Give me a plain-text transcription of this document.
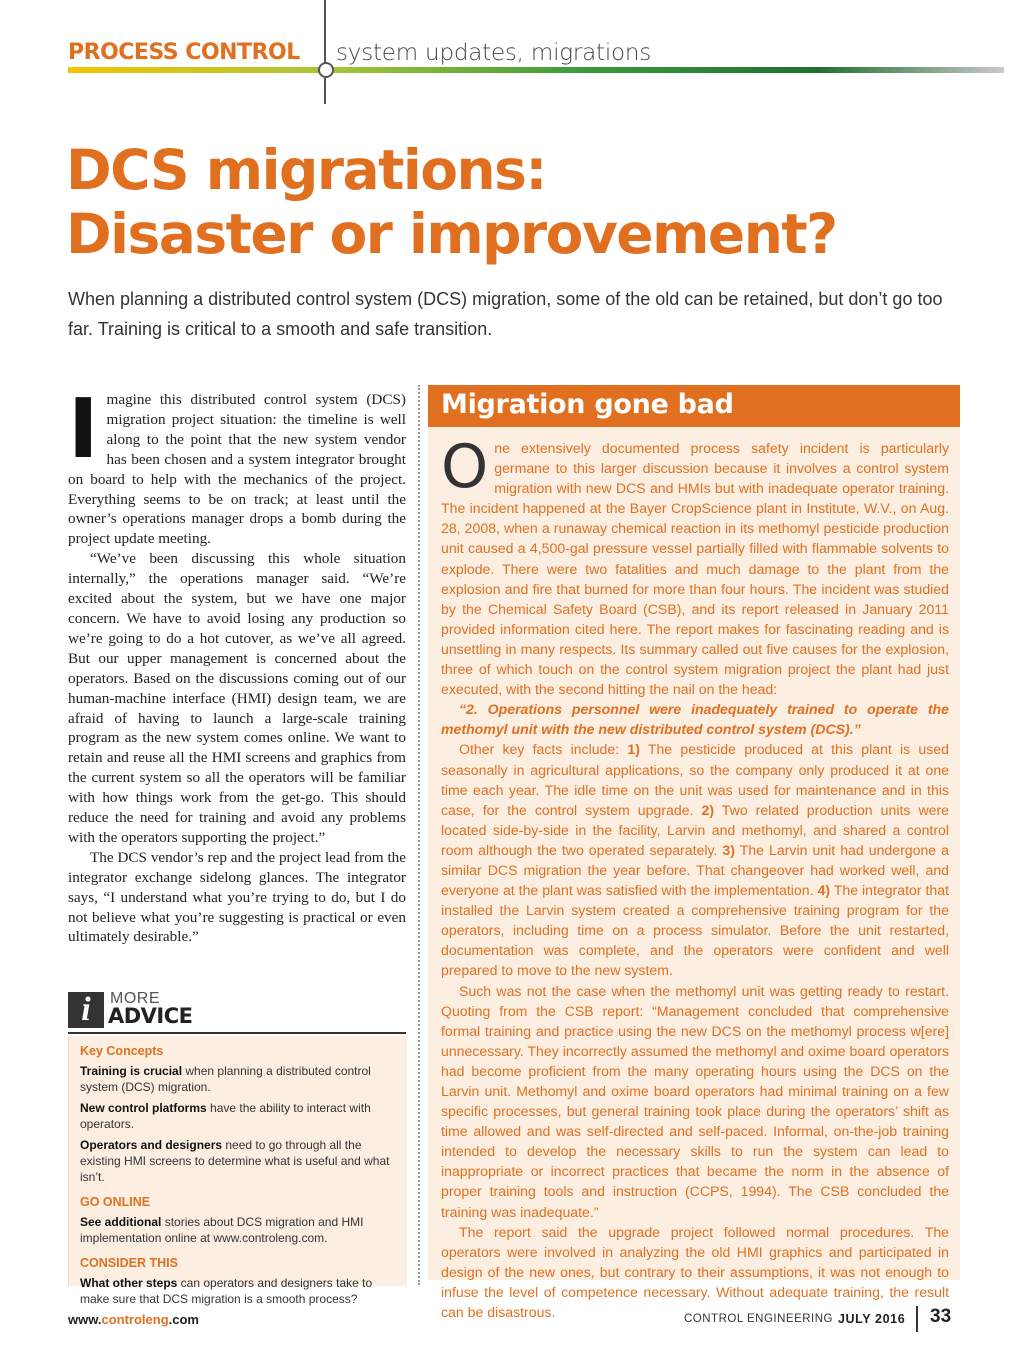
PROCESS CONTROL system updates, migrations
DCS migrations:
Disaster or improvement?
When planning a distributed control system (DCS) migration, some of the old can be retained, but don’t go too far. Training is critical to a smooth and safe transition.

Imagine this distributed control system (DCS) migration project situation: the timeline is well along to the point that the new system vendor has been chosen and a system integrator brought on board to help with the mechanics of the project. Everything seems to be on track; at least until the owner’s operations manager drops a bomb during the project update meeting.

“We’ve been discussing this whole situation internally,” the operations manager said. “We’re excited about the system, but we have one major concern. We have to avoid losing any production so we’re going to do a hot cutover, as we’ve all agreed. But our upper management is concerned about the operators. Based on the discussions coming out of our human-machine interface (HMI) design team, we are afraid of having to launch a large-scale training program as the new system comes online. We want to retain and reuse all the HMI screens and graphics from the current system so all the operators will be familiar with how things work from the get-go. This should reduce the need for training and avoid any problems with the operators supporting the project.”

The DCS vendor’s rep and the project lead from the integrator exchange sidelong glances. The integrator says, “I understand what you’re trying to do, but I do not believe what you’re suggesting is practical or even ultimately desirable.”

i	MORE
ADVICE
Key Concepts
Training is crucial when planning a distributed control system (DCS) migration.
New control platforms have the ability to interact with operators.
Operators and designers need to go through all the existing HMI screens to determine what is useful and what isn’t.
GO ONLINE
See additional stories about DCS migration and HMI implementation online at www.controleng.com.
CONSIDER THIS
What other steps can operators and designers take to make sure that DCS migration is a smooth process?
Migration gone bad

One extensively documented process safety incident is particularly germane to this larger discussion because it involves a control system migration with new DCS and HMIs but with inadequate operator training. The incident happened at the Bayer CropScience plant in Institute, W.V., on Aug. 28, 2008, when a runaway chemical reaction in its methomyl pesticide production unit caused a 4,500-gal pressure vessel partially filled with flammable solvents to explode. There were two fatalities and much damage to the plant from the explosion and fire that burned for more than four hours. The incident was studied by the Chemical Safety Board (CSB), and its report released in January 2011 provided information cited here. The report makes for fascinating reading and is unsettling in many respects. Its summary called out five causes for the explosion, three of which touch on the control system migration project the plant had just executed, with the second hitting the nail on the head:

“2. Operations personnel were inadequately trained to operate the methomyl unit with the new distributed control system (DCS).”

Other key facts include: 1) The pesticide produced at this plant is used seasonally in agricultural applications, so the company only produced it at one time each year. The idle time on the unit was used for maintenance and in this case, for the control system upgrade. 2) Two related production units were located side-by-side in the facility, Larvin and methomyl, and shared a control room although the two operated separately. 3) The Larvin unit had undergone a similar DCS migration the year before. That changeover had worked well, and everyone at the plant was satisfied with the implementation. 4) The integrator that installed the Larvin system created a comprehensive training program for the operators, including time on a process simulator. Before the unit restarted, documentation was complete, and the operators were confident and well prepared to move to the new system.

Such was not the case when the methomyl unit was getting ready to restart. Quoting from the CSB report: “Management concluded that comprehensive formal training and practice using the new DCS on the methomyl process w[ere] unnecessary. They incorrectly assumed the methomyl and oxime board operators had become proficient from the many operating hours using the DCS on the Larvin unit. Methomyl and oxime board operators had minimal training on a few specific processes, but general training took place during the operators’ shift as time allowed and was self-directed and self-paced. Informal, on-the-job training intended to develop the necessary skills to run the system can lead to inappropriate or incorrect practices that became the norm in the absence of proper training tools and instruction (CCPS, 1994). The CSB concluded the training was inadequate.”

The report said the upgrade project followed normal procedures. The operators were involved in analyzing the old HMI graphics and participated in design of the new ones, but contrary to their assumptions, it was not enough to infuse the level of competence necessary. Without adequate training, the result can be disastrous.

www.controleng.com	CONTROL ENGINEERING JULY 2016 33
